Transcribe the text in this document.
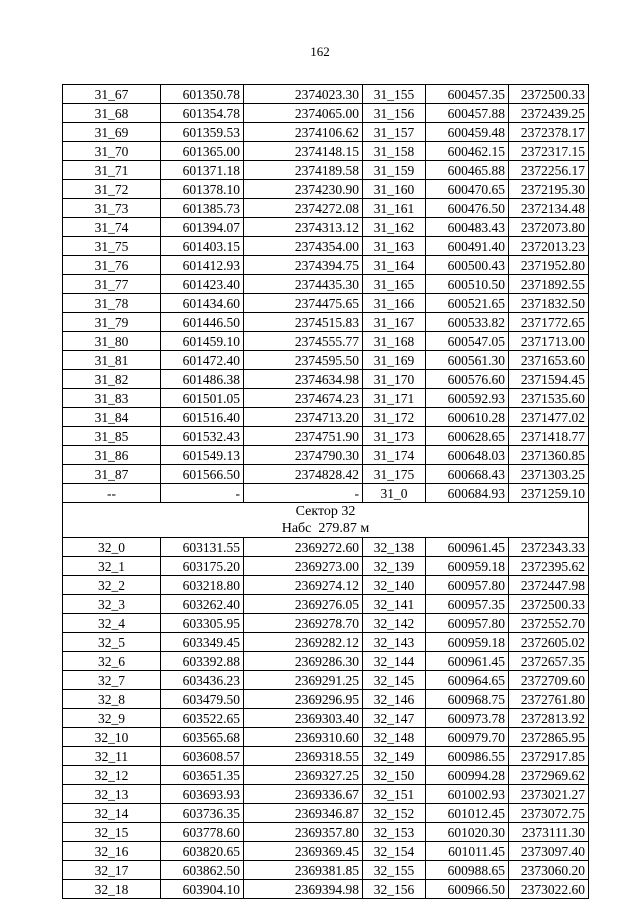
162
31_67	601350.78	2374023.30	31_155	600457.35	2372500.33
31_68	601354.78	2374065.00	31_156	600457.88	2372439.25
31_69	601359.53	2374106.62	31_157	600459.48	2372378.17
31_70	601365.00	2374148.15	31_158	600462.15	2372317.15
31_71	601371.18	2374189.58	31_159	600465.88	2372256.17
31_72	601378.10	2374230.90	31_160	600470.65	2372195.30
31_73	601385.73	2374272.08	31_161	600476.50	2372134.48
31_74	601394.07	2374313.12	31_162	600483.43	2372073.80
31_75	601403.15	2374354.00	31_163	600491.40	2372013.23
31_76	601412.93	2374394.75	31_164	600500.43	2371952.80
31_77	601423.40	2374435.30	31_165	600510.50	2371892.55
31_78	601434.60	2374475.65	31_166	600521.65	2371832.50
31_79	601446.50	2374515.83	31_167	600533.82	2371772.65
31_80	601459.10	2374555.77	31_168	600547.05	2371713.00
31_81	601472.40	2374595.50	31_169	600561.30	2371653.60
31_82	601486.38	2374634.98	31_170	600576.60	2371594.45
31_83	601501.05	2374674.23	31_171	600592.93	2371535.60
31_84	601516.40	2374713.20	31_172	600610.28	2371477.02
31_85	601532.43	2374751.90	31_173	600628.65	2371418.77
31_86	601549.13	2374790.30	31_174	600648.03	2371360.85
31_87	601566.50	2374828.42	31_175	600668.43	2371303.25
--	-	-	31_0	600684.93	2371259.10

Сектор 32
Набс 279.87 м					

32_0	603131.55	2369272.60	32_138	600961.45	2372343.33
32_1	603175.20	2369273.00	32_139	600959.18	2372395.62
32_2	603218.80	2369274.12	32_140	600957.80	2372447.98
32_3	603262.40	2369276.05	32_141	600957.35	2372500.33
32_4	603305.95	2369278.70	32_142	600957.80	2372552.70
32_5	603349.45	2369282.12	32_143	600959.18	2372605.02
32_6	603392.88	2369286.30	32_144	600961.45	2372657.35
32_7	603436.23	2369291.25	32_145	600964.65	2372709.60
32_8	603479.50	2369296.95	32_146	600968.75	2372761.80
32_9	603522.65	2369303.40	32_147	600973.78	2372813.92
32_10	603565.68	2369310.60	32_148	600979.70	2372865.95
32_11	603608.57	2369318.55	32_149	600986.55	2372917.85
32_12	603651.35	2369327.25	32_150	600994.28	2372969.62
32_13	603693.93	2369336.67	32_151	601002.93	2373021.27
32_14	603736.35	2369346.87	32_152	601012.45	2373072.75
32_15	603778.60	2369357.80	32_153	601020.30	2373111.30
32_16	603820.65	2369369.45	32_154	601011.45	2373097.40
32_17	603862.50	2369381.85	32_155	600988.65	2373060.20
32_18	603904.10	2369394.98	32_156	600966.50	2373022.60
